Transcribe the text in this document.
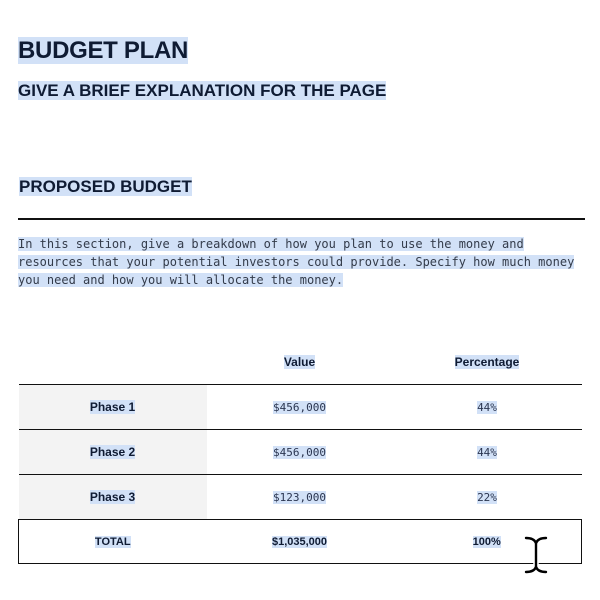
BUDGET PLAN
GIVE A BRIEF EXPLANATION FOR THE PAGE
PROPOSED BUDGET

In this section, give a breakdown of how you plan to use the money and resources that your potential investors could provide. Specify how much money you need and how you will allocate the money.

	Value	Percentage
Phase 1	$456,000	44%
Phase 2	$456,000	44%
Phase 3	$123,000	22%
TOTAL	$1,035,000	100%
